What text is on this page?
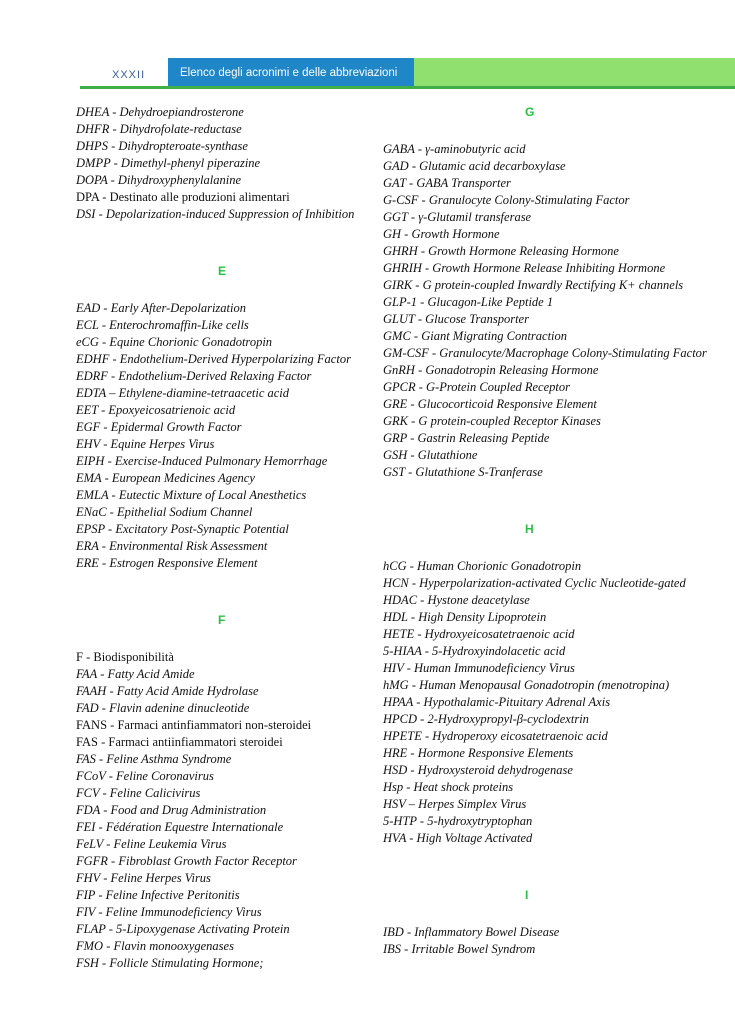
XXXII	Elenco degli acronimi e delle abbreviazioni
DHEA - Dehydroepiandrosterone
DHFR - Dihydrofolate-reductase
DHPS - Dihydropteroate-synthase
DMPP - Dimethyl-phenyl piperazine
DOPA - Dihydroxyphenylalanine
DPA - Destinato alle produzioni alimentari
DSI - Depolarization-induced Suppression of Inhibition
E
EAD - Early After-Depolarization
ECL - Enterochromaffin-Like cells
eCG - Equine Chorionic Gonadotropin
EDHF - Endothelium-Derived Hyperpolarizing Factor
EDRF - Endothelium-Derived Relaxing Factor
EDTA – Ethylene-diamine-tetraacetic acid
EET - Epoxyeicosatrienoic acid
EGF - Epidermal Growth Factor
EHV - Equine Herpes Virus
EIPH - Exercise-Induced Pulmonary Hemorrhage
EMA - European Medicines Agency
EMLA - Eutectic Mixture of Local Anesthetics
ENaC - Epithelial Sodium Channel
EPSP - Excitatory Post-Synaptic Potential
ERA - Environmental Risk Assessment
ERE - Estrogen Responsive Element
F
F - Biodisponibilità
FAA - Fatty Acid Amide
FAAH - Fatty Acid Amide Hydrolase
FAD - Flavin adenine dinucleotide
FANS - Farmaci antinfiammatori non-steroidei
FAS - Farmaci antiinfiammatori steroidei
FAS - Feline Asthma Syndrome
FCoV - Feline Coronavirus
FCV - Feline Calicivirus
FDA - Food and Drug Administration
FEI - Fédération Equestre Internationale
FeLV - Feline Leukemia Virus
FGFR - Fibroblast Growth Factor Receptor
FHV - Feline Herpes Virus
FIP - Feline Infective Peritonitis
FIV - Feline Immunodeficiency Virus
FLAP - 5-Lipoxygenase Activating Protein
FMO - Flavin monooxygenases
FSH - Follicle Stimulating Hormone;
G
GABA - γ-aminobutyric acid
GAD - Glutamic acid decarboxylase
GAT - GABA Transporter
G-CSF - Granulocyte Colony-Stimulating Factor
GGT - γ-Glutamil transferase
GH - Growth Hormone
GHRH - Growth Hormone Releasing Hormone
GHRIH - Growth Hormone Release Inhibiting Hormone
GIRK - G protein-coupled Inwardly Rectifying K+ channels
GLP-1 - Glucagon-Like Peptide 1
GLUT - Glucose Transporter
GMC - Giant Migrating Contraction
GM-CSF - Granulocyte/Macrophage Colony-Stimulating Factor
GnRH - Gonadotropin Releasing Hormone
GPCR - G-Protein Coupled Receptor
GRE - Glucocorticoid Responsive Element
GRK - G protein-coupled Receptor Kinases
GRP - Gastrin Releasing Peptide
GSH - Glutathione
GST - Glutathione S-Tranferase
H
hCG - Human Chorionic Gonadotropin
HCN - Hyperpolarization-activated Cyclic Nucleotide-gated
HDAC - Hystone deacetylase
HDL - High Density Lipoprotein
HETE - Hydroxyeicosatetraenoic acid
5-HIAA - 5-Hydroxyindolacetic acid
HIV - Human Immunodeficiency Virus
hMG - Human Menopausal Gonadotropin (menotropina)
HPAA - Hypothalamic-Pituitary Adrenal Axis
HPCD - 2-Hydroxypropyl-β-cyclodextrin
HPETE - Hydroperoxy eicosatetraenoic acid
HRE - Hormone Responsive Elements
HSD - Hydroxysteroid dehydrogenase
Hsp - Heat shock proteins
HSV – Herpes Simplex Virus
5-HTP - 5-hydroxytryptophan
HVA - High Voltage Activated
I
IBD - Inflammatory Bowel Disease
IBS - Irritable Bowel Syndrom
